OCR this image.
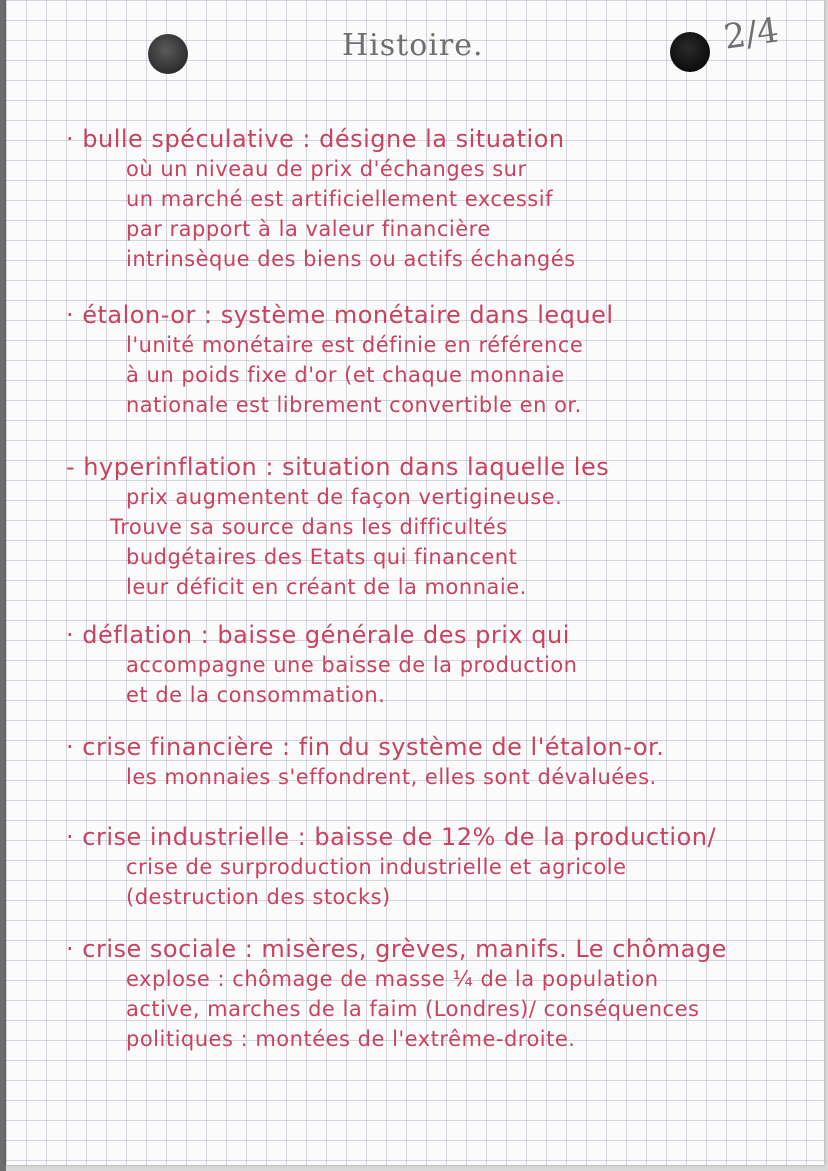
Histoire.	2/4
· bulle spéculative : désigne la situation
où un niveau de prix d'échanges sur
un marché est artificiellement excessif
par rapport à la valeur financière
intrinsèque des biens ou actifs échangés
· étalon-or : système monétaire dans lequel
l'unité monétaire est définie en référence
à un poids fixe d'or (et chaque monnaie
nationale est librement convertible en or.
- hyperinflation : situation dans laquelle les
prix augmentent de façon vertigineuse.
Trouve sa source dans les difficultés
budgétaires des Etats qui financent
leur déficit en créant de la monnaie.
· déflation : baisse générale des prix qui
accompagne une baisse de la production
et de la consommation.
· crise financière : fin du système de l'étalon-or.
les monnaies s'effondrent, elles sont dévaluées.
· crise industrielle : baisse de 12% de la production/
crise de surproduction industrielle et agricole
(destruction des stocks)
· crise sociale : misères, grèves, manifs. Le chômage
explose : chômage de masse ¼ de la population
active, marches de la faim (Londres)/ conséquences
politiques : montées de l'extrême-droite.
